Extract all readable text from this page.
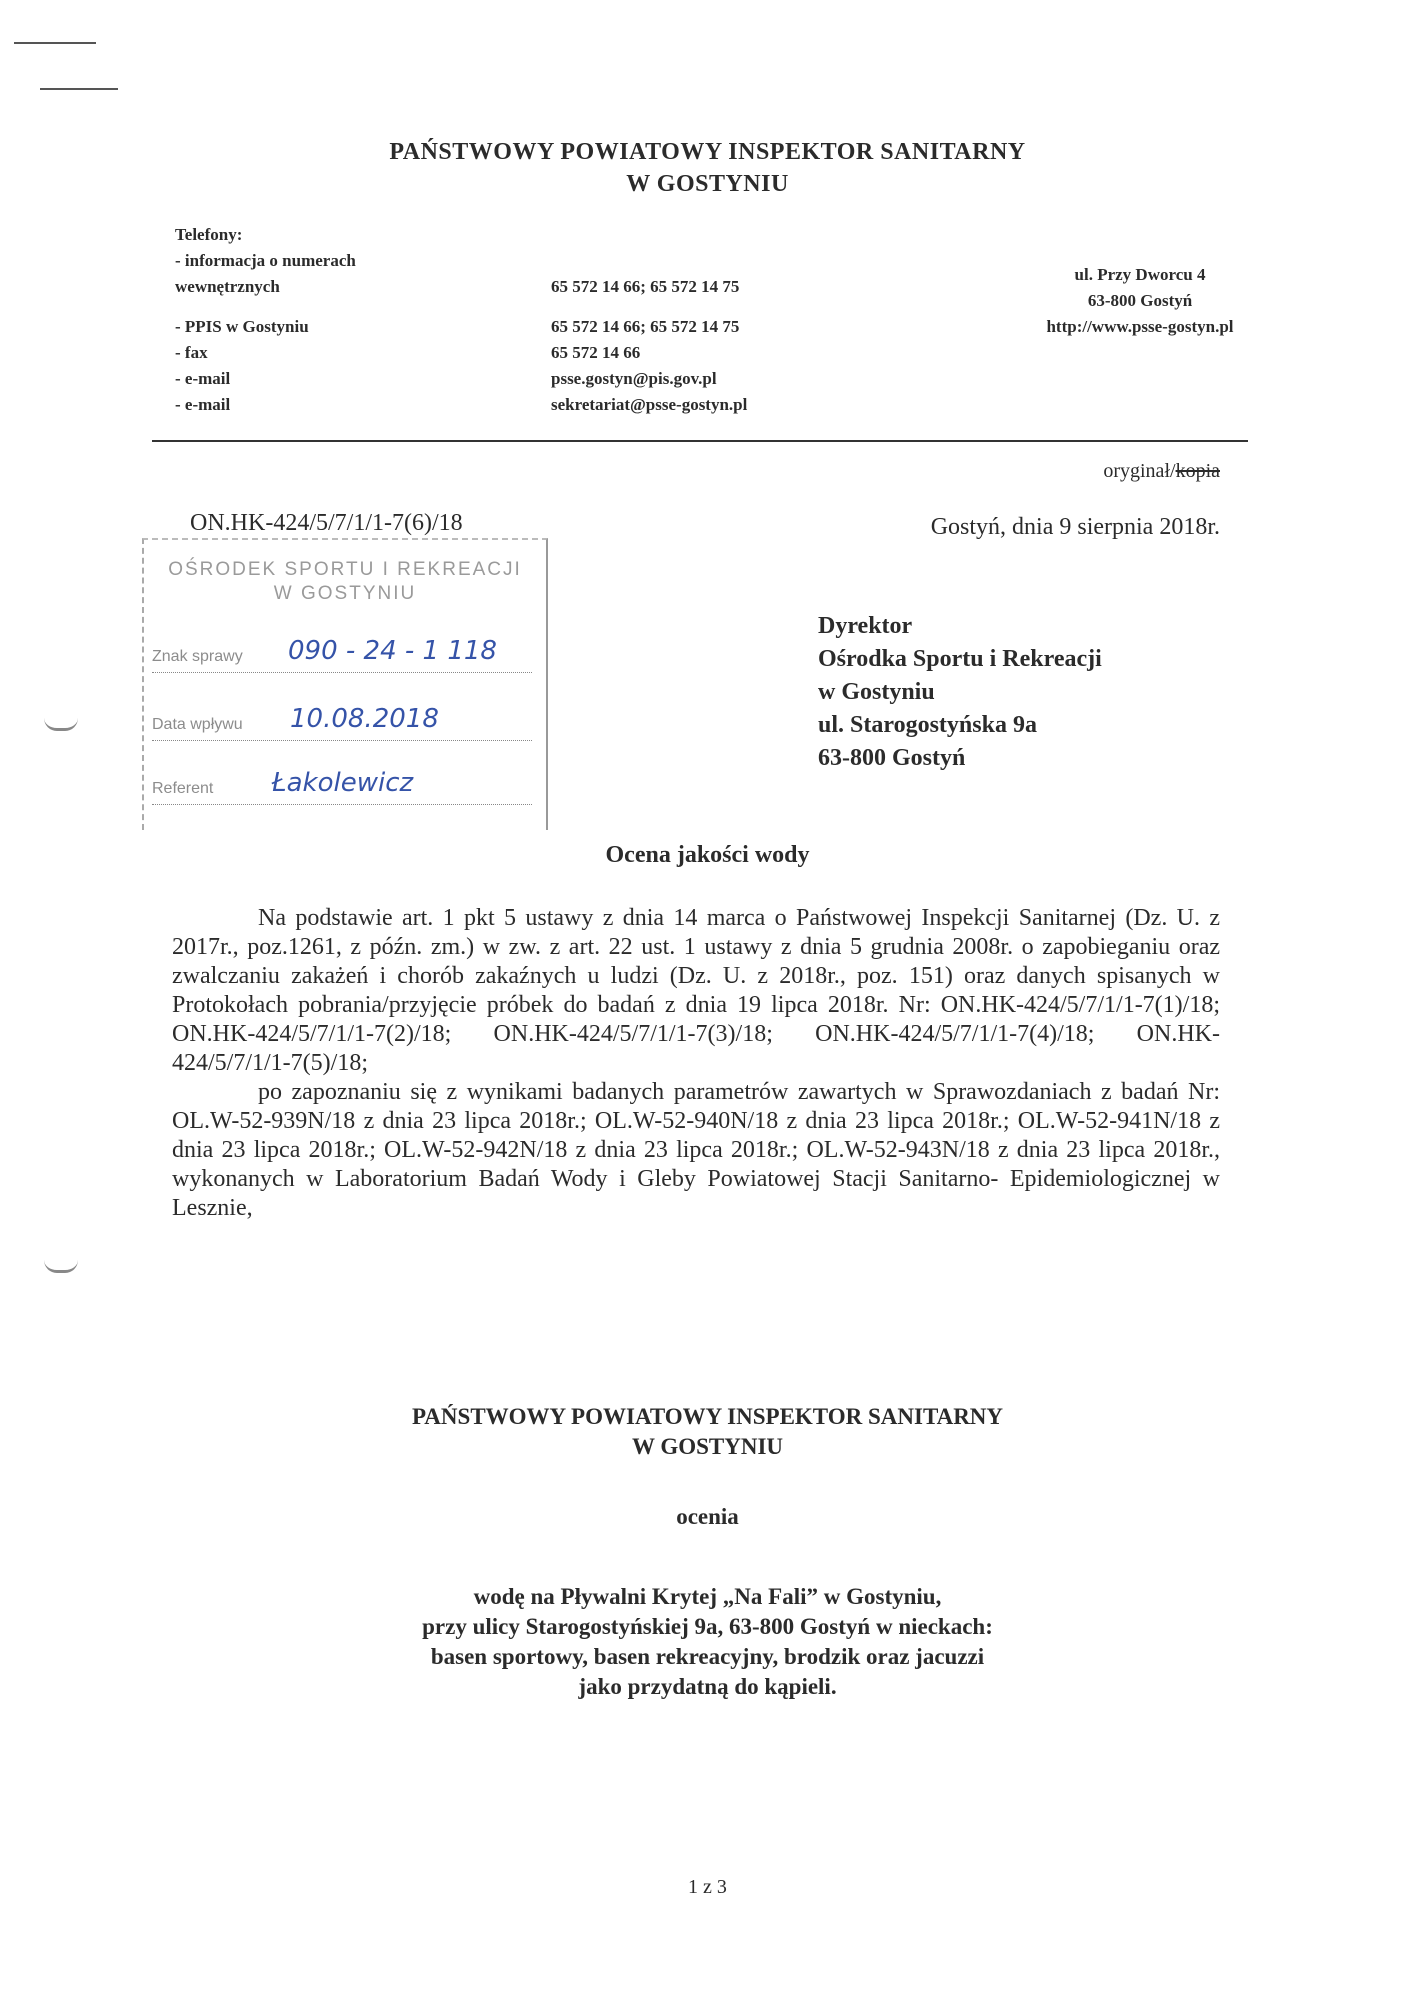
PAŃSTWOWY POWIATOWY INSPEKTOR SANITARNY
W GOSTYNIU
Telefony:
- informacja o numerach
wewnętrznych	65 572 14 66; 65 572 14 75
- PPIS w Gostyniu	65 572 14 66; 65 572 14 75
- fax	65 572 14 66
- e-mail	psse.gostyn@pis.gov.pl
- e-mail	sekretariat@psse-gostyn.pl
ul. Przy Dworcu 4
63-800 Gostyń
http://www.psse-gostyn.pl
oryginał/kopia
ON.HK-424/5/7/1/1-7(6)/18	Gostyń, dnia 9 sierpnia 2018r.
OŚRODEK SPORTU I REKREACJI
W GOSTYNIU
Znak sprawy 090 - 24 - 1 118
Data wpływu 10.08.2018
Referent Łakolewicz
Dyrektor
Ośrodka Sportu i Rekreacji
w Gostyniu
ul. Starogostyńska 9a
63-800 Gostyń
Ocena jakości wody

Na podstawie art. 1 pkt 5 ustawy z dnia 14 marca o Państwowej Inspekcji Sanitarnej (Dz. U. z 2017r., poz.1261, z późn. zm.) w zw. z art. 22 ust. 1 ustawy z dnia 5 grudnia 2008r. o zapobieganiu oraz zwalczaniu zakażeń i chorób zakaźnych u ludzi (Dz. U. z 2018r., poz. 151) oraz danych spisanych w Protokołach pobrania/przyjęcie próbek do badań z dnia 19 lipca 2018r. Nr: ON.HK-424/5/7/1/1-7(1)/18; ON.HK-424/5/7/1/1-7(2)/18; ON.HK-424/5/7/1/1-7(3)/18; ON.HK-424/5/7/1/1-7(4)/18; ON.HK-424/5/7/1/1-7(5)/18;

po zapoznaniu się z wynikami badanych parametrów zawartych w Sprawozdaniach z badań Nr: OL.W-52-939N/18 z dnia 23 lipca 2018r.; OL.W-52-940N/18 z dnia 23 lipca 2018r.; OL.W-52-941N/18 z dnia 23 lipca 2018r.; OL.W-52-942N/18 z dnia 23 lipca 2018r.; OL.W-52-943N/18 z dnia 23 lipca 2018r., wykonanych w Laboratorium Badań Wody i Gleby Powiatowej Stacji Sanitarno- Epidemiologicznej w Lesznie,

PAŃSTWOWY POWIATOWY INSPEKTOR SANITARNY
W GOSTYNIU
ocenia
wodę na Pływalni Krytej „Na Fali” w Gostyniu,
przy ulicy Starogostyńskiej 9a, 63-800 Gostyń w nieckach:
basen sportowy, basen rekreacyjny, brodzik oraz jacuzzi
jako przydatną do kąpieli.
1 z 3
